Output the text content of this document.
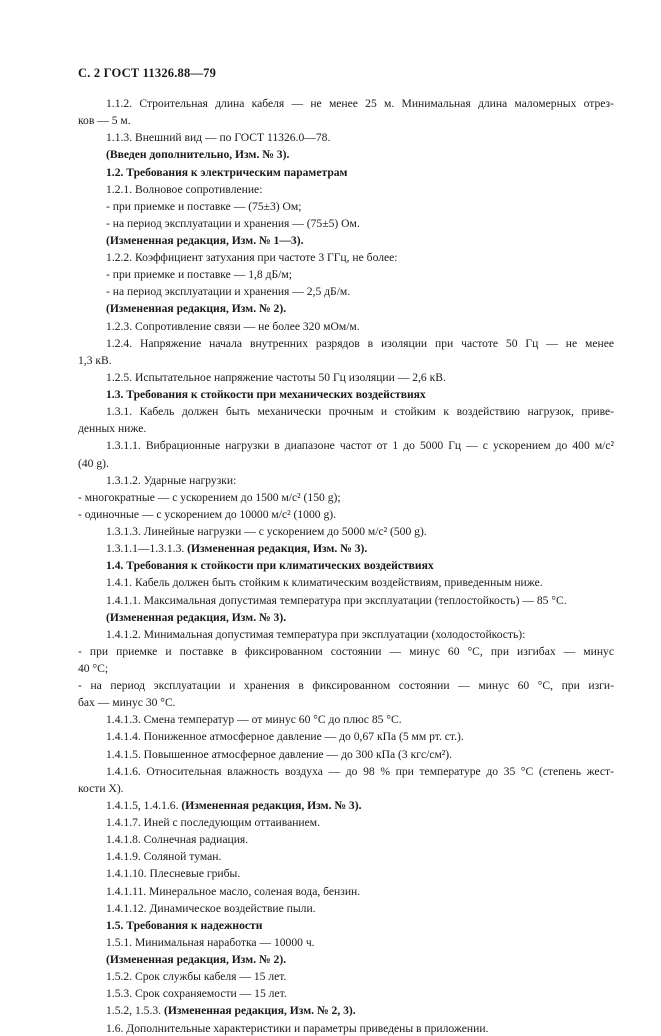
С. 2 ГОСТ 11326.88—79
1.1.2. Строительная длина кабеля — не менее 25 м. Минимальная длина маломерных отрез-
ков — 5 м.
1.1.3. Внешний вид — по ГОСТ 11326.0—78.
(Введен дополнительно, Изм. № 3).
1.2. Требования к электрическим параметрам
1.2.1. Волновое сопротивление:
- при приемке и поставке — (75±3) Ом;
- на период эксплуатации и хранения — (75±5) Ом.
(Измененная редакция, Изм. № 1—3).
1.2.2. Коэффициент затухания при частоте 3 ГГц, не более:
- при приемке и поставке — 1,8 дБ/м;
- на период эксплуатации и хранения — 2,5 дБ/м.
(Измененная редакция, Изм. № 2).
1.2.3. Сопротивление связи — не более 320 мОм/м.
1.2.4. Напряжение начала внутренних разрядов в изоляции при частоте 50 Гц — не менее
1,3 кВ.
1.2.5. Испытательное напряжение частоты 50 Гц изоляции — 2,6 кВ.
1.3. Требования к стойкости при механических воздействиях
1.3.1. Кабель должен быть механически прочным и стойким к воздействию нагрузок, приве-
денных ниже.
1.3.1.1. Вибрационные нагрузки в диапазоне частот от 1 до 5000 Гц — с ускорением до 400 м/с²
(40 g).
1.3.1.2. Ударные нагрузки:
- многократные — с ускорением до 1500 м/с² (150 g);
- одиночные — с ускорением до 10000 м/с² (1000 g).
1.3.1.3. Линейные нагрузки — с ускорением до 5000 м/с² (500 g).
1.3.1.1—1.3.1.3. (Измененная редакция, Изм. № 3).
1.4. Требования к стойкости при климатических воздействиях
1.4.1. Кабель должен быть стойким к климатическим воздействиям, приведенным ниже.
1.4.1.1. Максимальная допустимая температура при эксплуатации (теплостойкость) — 85 °С.
(Измененная редакция, Изм. № 3).
1.4.1.2. Минимальная допустимая температура при эксплуатации (холодостойкость):
- при приемке и поставке в фиксированном состоянии — минус 60 °С, при изгибах — минус
40 °С;
- на период эксплуатации и хранения в фиксированном состоянии — минус 60 °С, при изги-
бах — минус 30 °С.
1.4.1.3. Смена температур — от минус 60 °С до плюс 85 °С.
1.4.1.4. Пониженное атмосферное давление — до 0,67 кПа (5 мм рт. ст.).
1.4.1.5. Повышенное атмосферное давление — до 300 кПа (3 кгс/см²).
1.4.1.6. Относительная влажность воздуха — до 98 % при температуре до 35 °С (степень жест-
кости X).
1.4.1.5, 1.4.1.6. (Измененная редакция, Изм. № 3).
1.4.1.7. Иней с последующим оттаиванием.
1.4.1.8. Солнечная радиация.
1.4.1.9. Соляной туман.
1.4.1.10. Плесневые грибы.
1.4.1.11. Минеральное масло, соленая вода, бензин.
1.4.1.12. Динамическое воздействие пыли.
1.5. Требования к надежности
1.5.1. Минимальная наработка — 10000 ч.
(Измененная редакция, Изм. № 2).
1.5.2. Срок службы кабеля — 15 лет.
1.5.3. Срок сохраняемости — 15 лет.
1.5.2, 1.5.3. (Измененная редакция, Изм. № 2, 3).
1.6. Дополнительные характеристики и параметры приведены в приложении.
